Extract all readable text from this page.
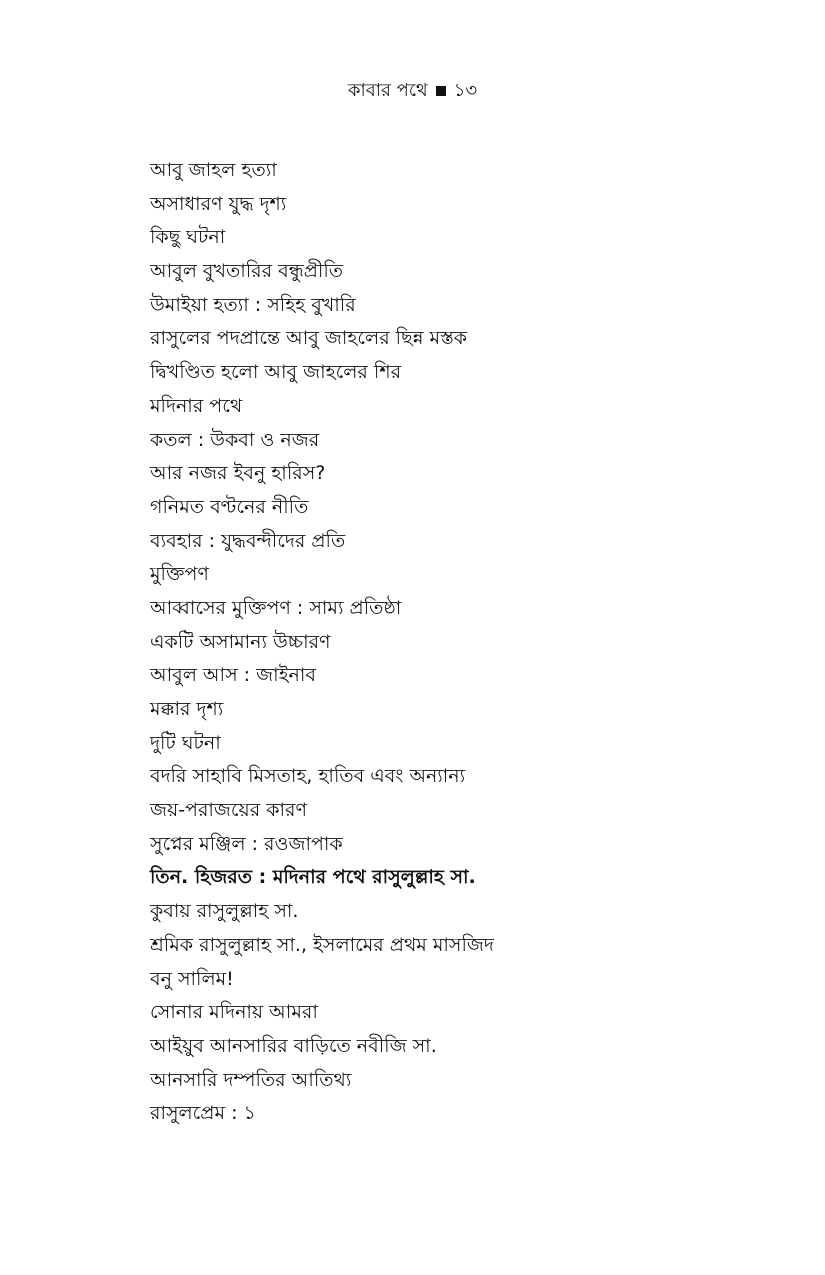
কাবার পথে ১৩
আবু জাহল হত্যা
অসাধারণ যুদ্ধ দৃশ্য
কিছু ঘটনা
আবুল বুখতারির বন্ধুপ্রীতি
উমাইয়া হত্যা : সহিহ বুখারি
রাসুলের পদপ্রান্তে আবু জাহলের ছিন্ন মস্তক
দ্বিখণ্ডিত হলো আবু জাহলের শির
মদিনার পথে
কতল : উকবা ও নজর
আর নজর ইবনু হারিস?
গনিমত বণ্টনের নীতি
ব্যবহার : যুদ্ধবন্দীদের প্রতি
মুক্তিপণ
আব্বাসের মুক্তিপণ : সাম্য প্রতিষ্ঠা
একটি অসামান্য উচ্চারণ
আবুল আস : জাইনাব
মক্কার দৃশ্য
দুটি ঘটনা
বদরি সাহাবি মিসতাহ, হাতিব এবং অন্যান্য
জয়-পরাজয়ের কারণ
সুপ্নের মঞ্জিল : রওজাপাক
তিন. হিজরত : মদিনার পথে রাসুলুল্লাহ সা.
কুবায় রাসুলুল্লাহ সা.
শ্রমিক রাসুলুল্লাহ সা., ইসলামের প্রথম মাসজিদ
বনু সালিম!
সোনার মদিনায় আমরা
আইয়ুব আনসারির বাড়িতে নবীজি সা.
আনসারি দম্পতির আতিথ্য
রাসুলপ্রেম : ১
